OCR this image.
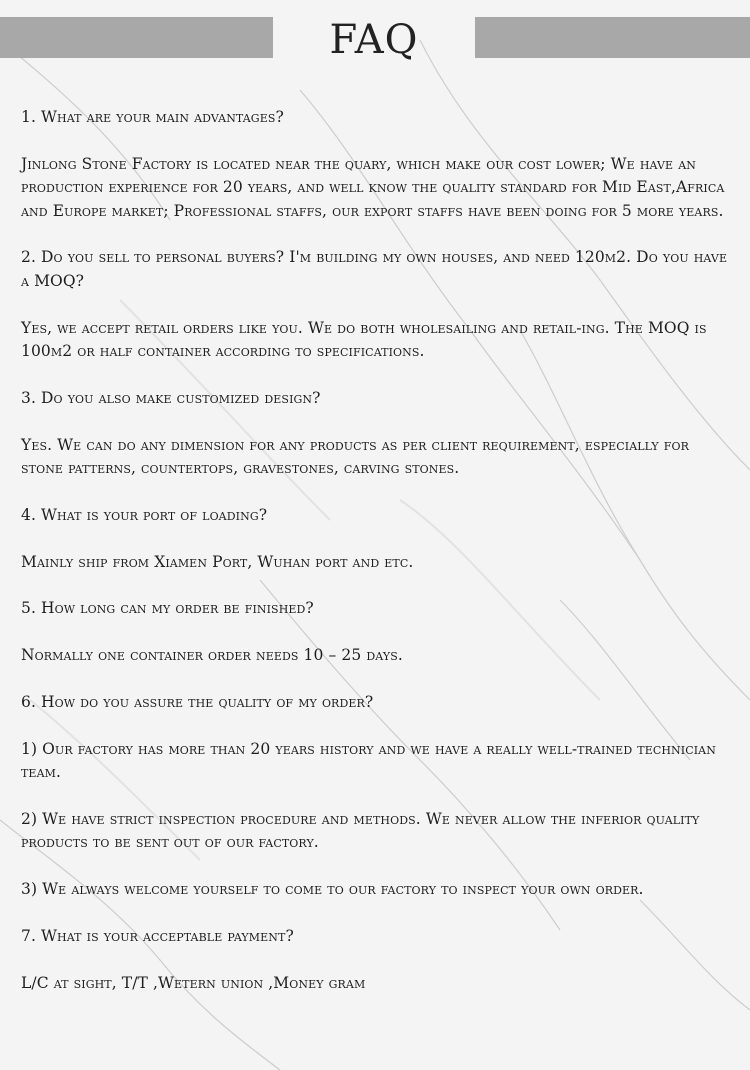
FAQ

1. What are your main advantages?

Jinlong Stone Factory is located near the quary, which make our cost lower; We have an production experience for 20 years, and well know the quality standard for Mid East,Africa and Europe market; Professional staffs, our export staffs have been doing for 5 more years.

2. Do you sell to personal buyers? I'm building my own houses, and need 120m2. Do you have a MOQ?

Yes, we accept retail orders like you. We do both wholesailing and retail-ing. The MOQ is 100m2 or half container according to specifications.

3. Do you also make customized design?

Yes. We can do any dimension for any products as per client requirement, especially for stone patterns, countertops, gravestones, carving stones.

4. What is your port of loading?

Mainly ship from Xiamen Port, Wuhan port and etc.

5. How long can my order be finished?

Normally one container order needs 10 – 25 days.

6. How do you assure the quality of my order?

1) Our factory has more than 20 years history and we have a really well-trained technician team.

2) We have strict inspection procedure and methods. We never allow the inferior quality products to be sent out of our factory.

3) We always welcome yourself to come to our factory to inspect your own order.

7. What is your acceptable payment?

L/C at sight, T/T ,Wetern union ,Money gram
